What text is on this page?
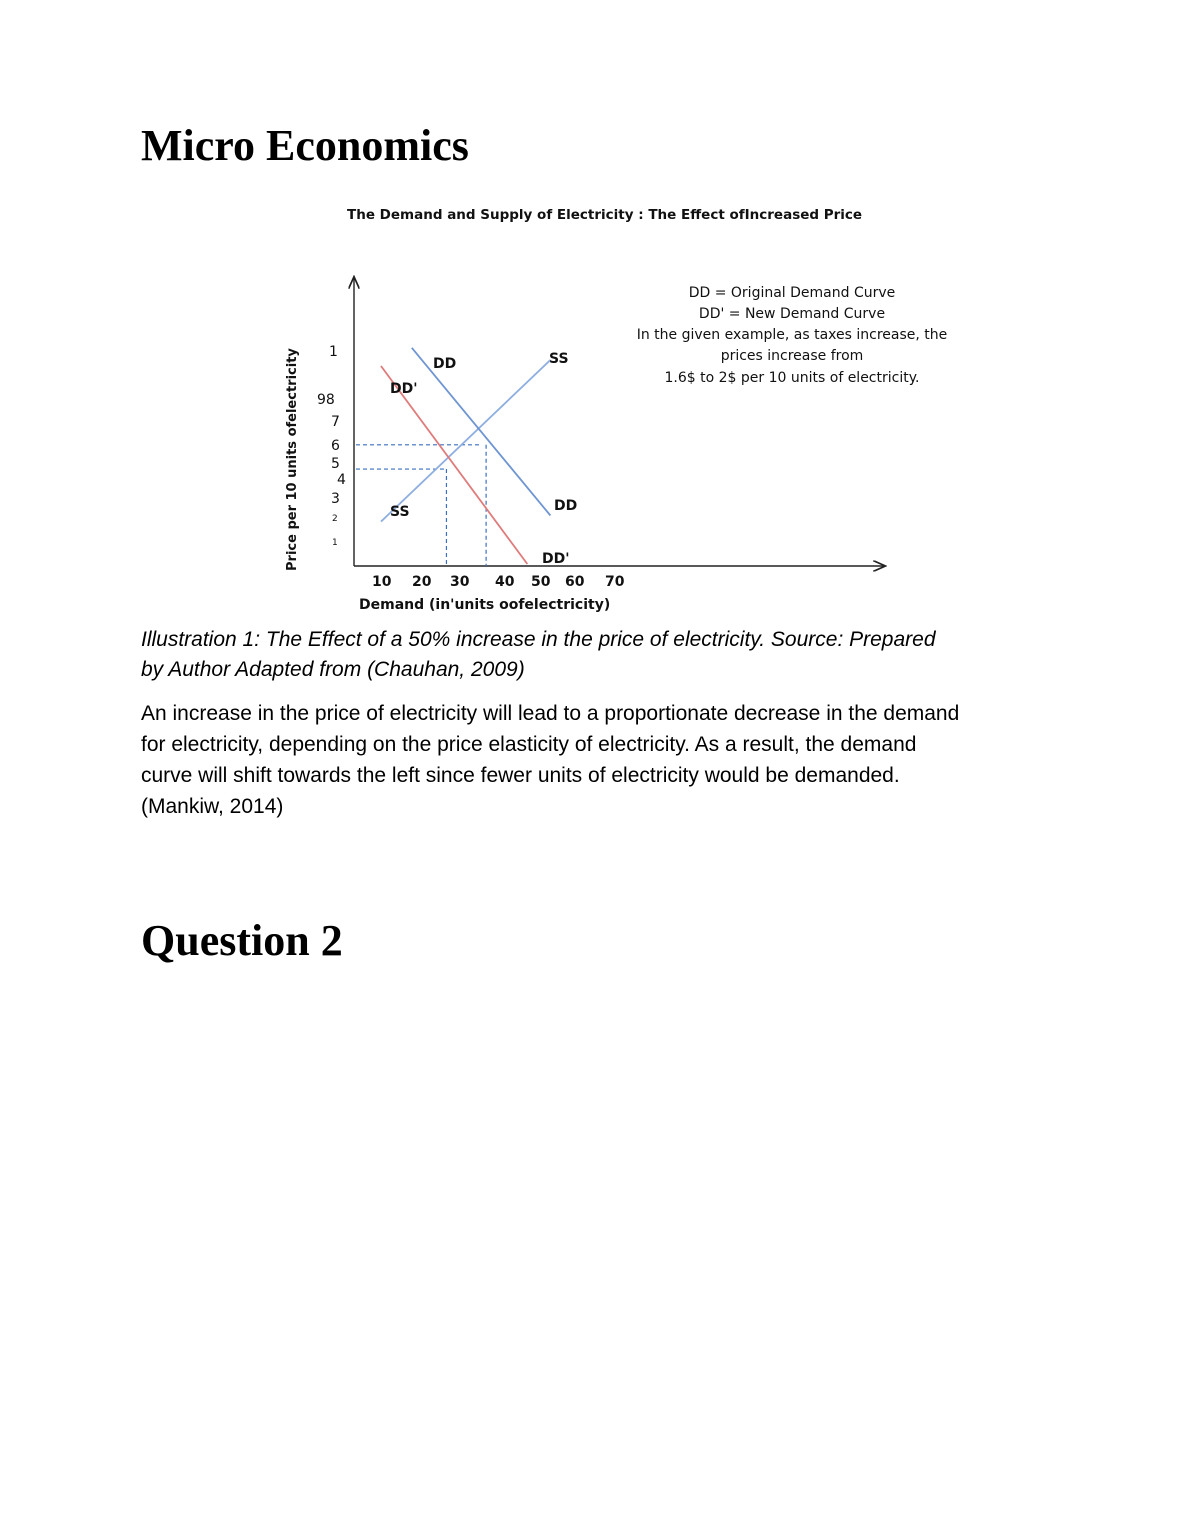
Micro Economics
The Demand and Supply of Electricity : The Effect ofIncreased Price
SS
SS
DD
DD
DD'
DD'
1
2
3
4
5
6
7
98
1
10 20 30 40 50 60 70
Demand (in'units oofelectricity)
Price per 10 units ofelectricity
DD = Original Demand Curve
DD' = New Demand Curve
In the given example, as taxes increase, the
prices increase from
1.6$ to 2$ per 10 units of electricity.

Illustration 1: The Effect of a 50% increase in the price of electricity. Source: Prepared
by Author Adapted from (Chauhan, 2009)

An increase in the price of electricity will lead to a proportionate decrease in the demand
for electricity, depending on the price elasticity of electricity. As a result, the demand
curve will shift towards the left since fewer units of electricity would be demanded.
(Mankiw, 2014)

Question 2
